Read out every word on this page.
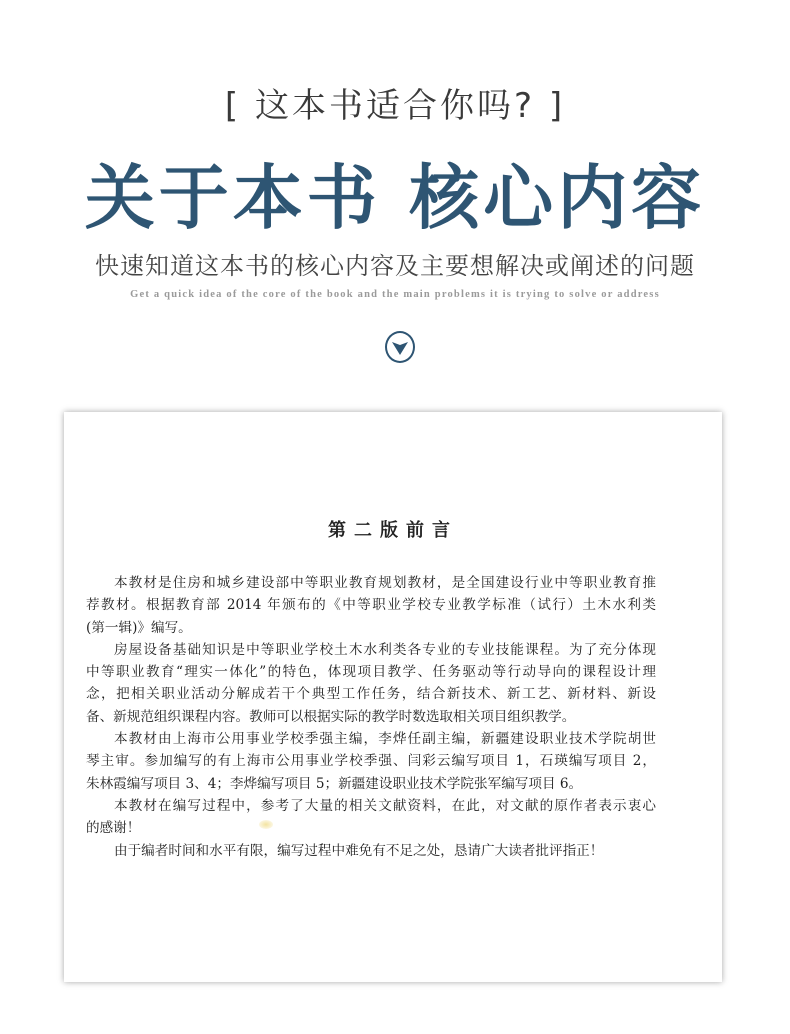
[ 这本书适合你吗? ]
关于本书 核心内容
快速知道这本书的核心内容及主要想解决或阐述的问题
Get a quick idea of the core of the book and the main problems it is trying to solve or address
第二版前言
本教材是住房和城乡建设部中等职业教育规划教材，是全国建设行业中等职业教育推
荐教材。根据教育部 2014 年颁布的《中等职业学校专业教学标准（试行）土木水利类
(第一辑)》编写。
房屋设备基础知识是中等职业学校土木水利类各专业的专业技能课程。为了充分体现
中等职业教育“理实一体化”的特色，体现项目教学、任务驱动等行动导向的课程设计理
念，把相关职业活动分解成若干个典型工作任务，结合新技术、新工艺、新材料、新设
备、新规范组织课程内容。教师可以根据实际的教学时数选取相关项目组织教学。
本教材由上海市公用事业学校季强主编，李烨任副主编，新疆建设职业技术学院胡世
琴主审。参加编写的有上海市公用事业学校季强、闫彩云编写项目 1，石瑛编写项目 2，
朱林霞编写项目 3、4；李烨编写项目 5；新疆建设职业技术学院张军编写项目 6。
本教材在编写过程中，参考了大量的相关文献资料，在此，对文献的原作者表示衷心
的感谢！
由于编者时间和水平有限，编写过程中难免有不足之处，恳请广大读者批评指正！
